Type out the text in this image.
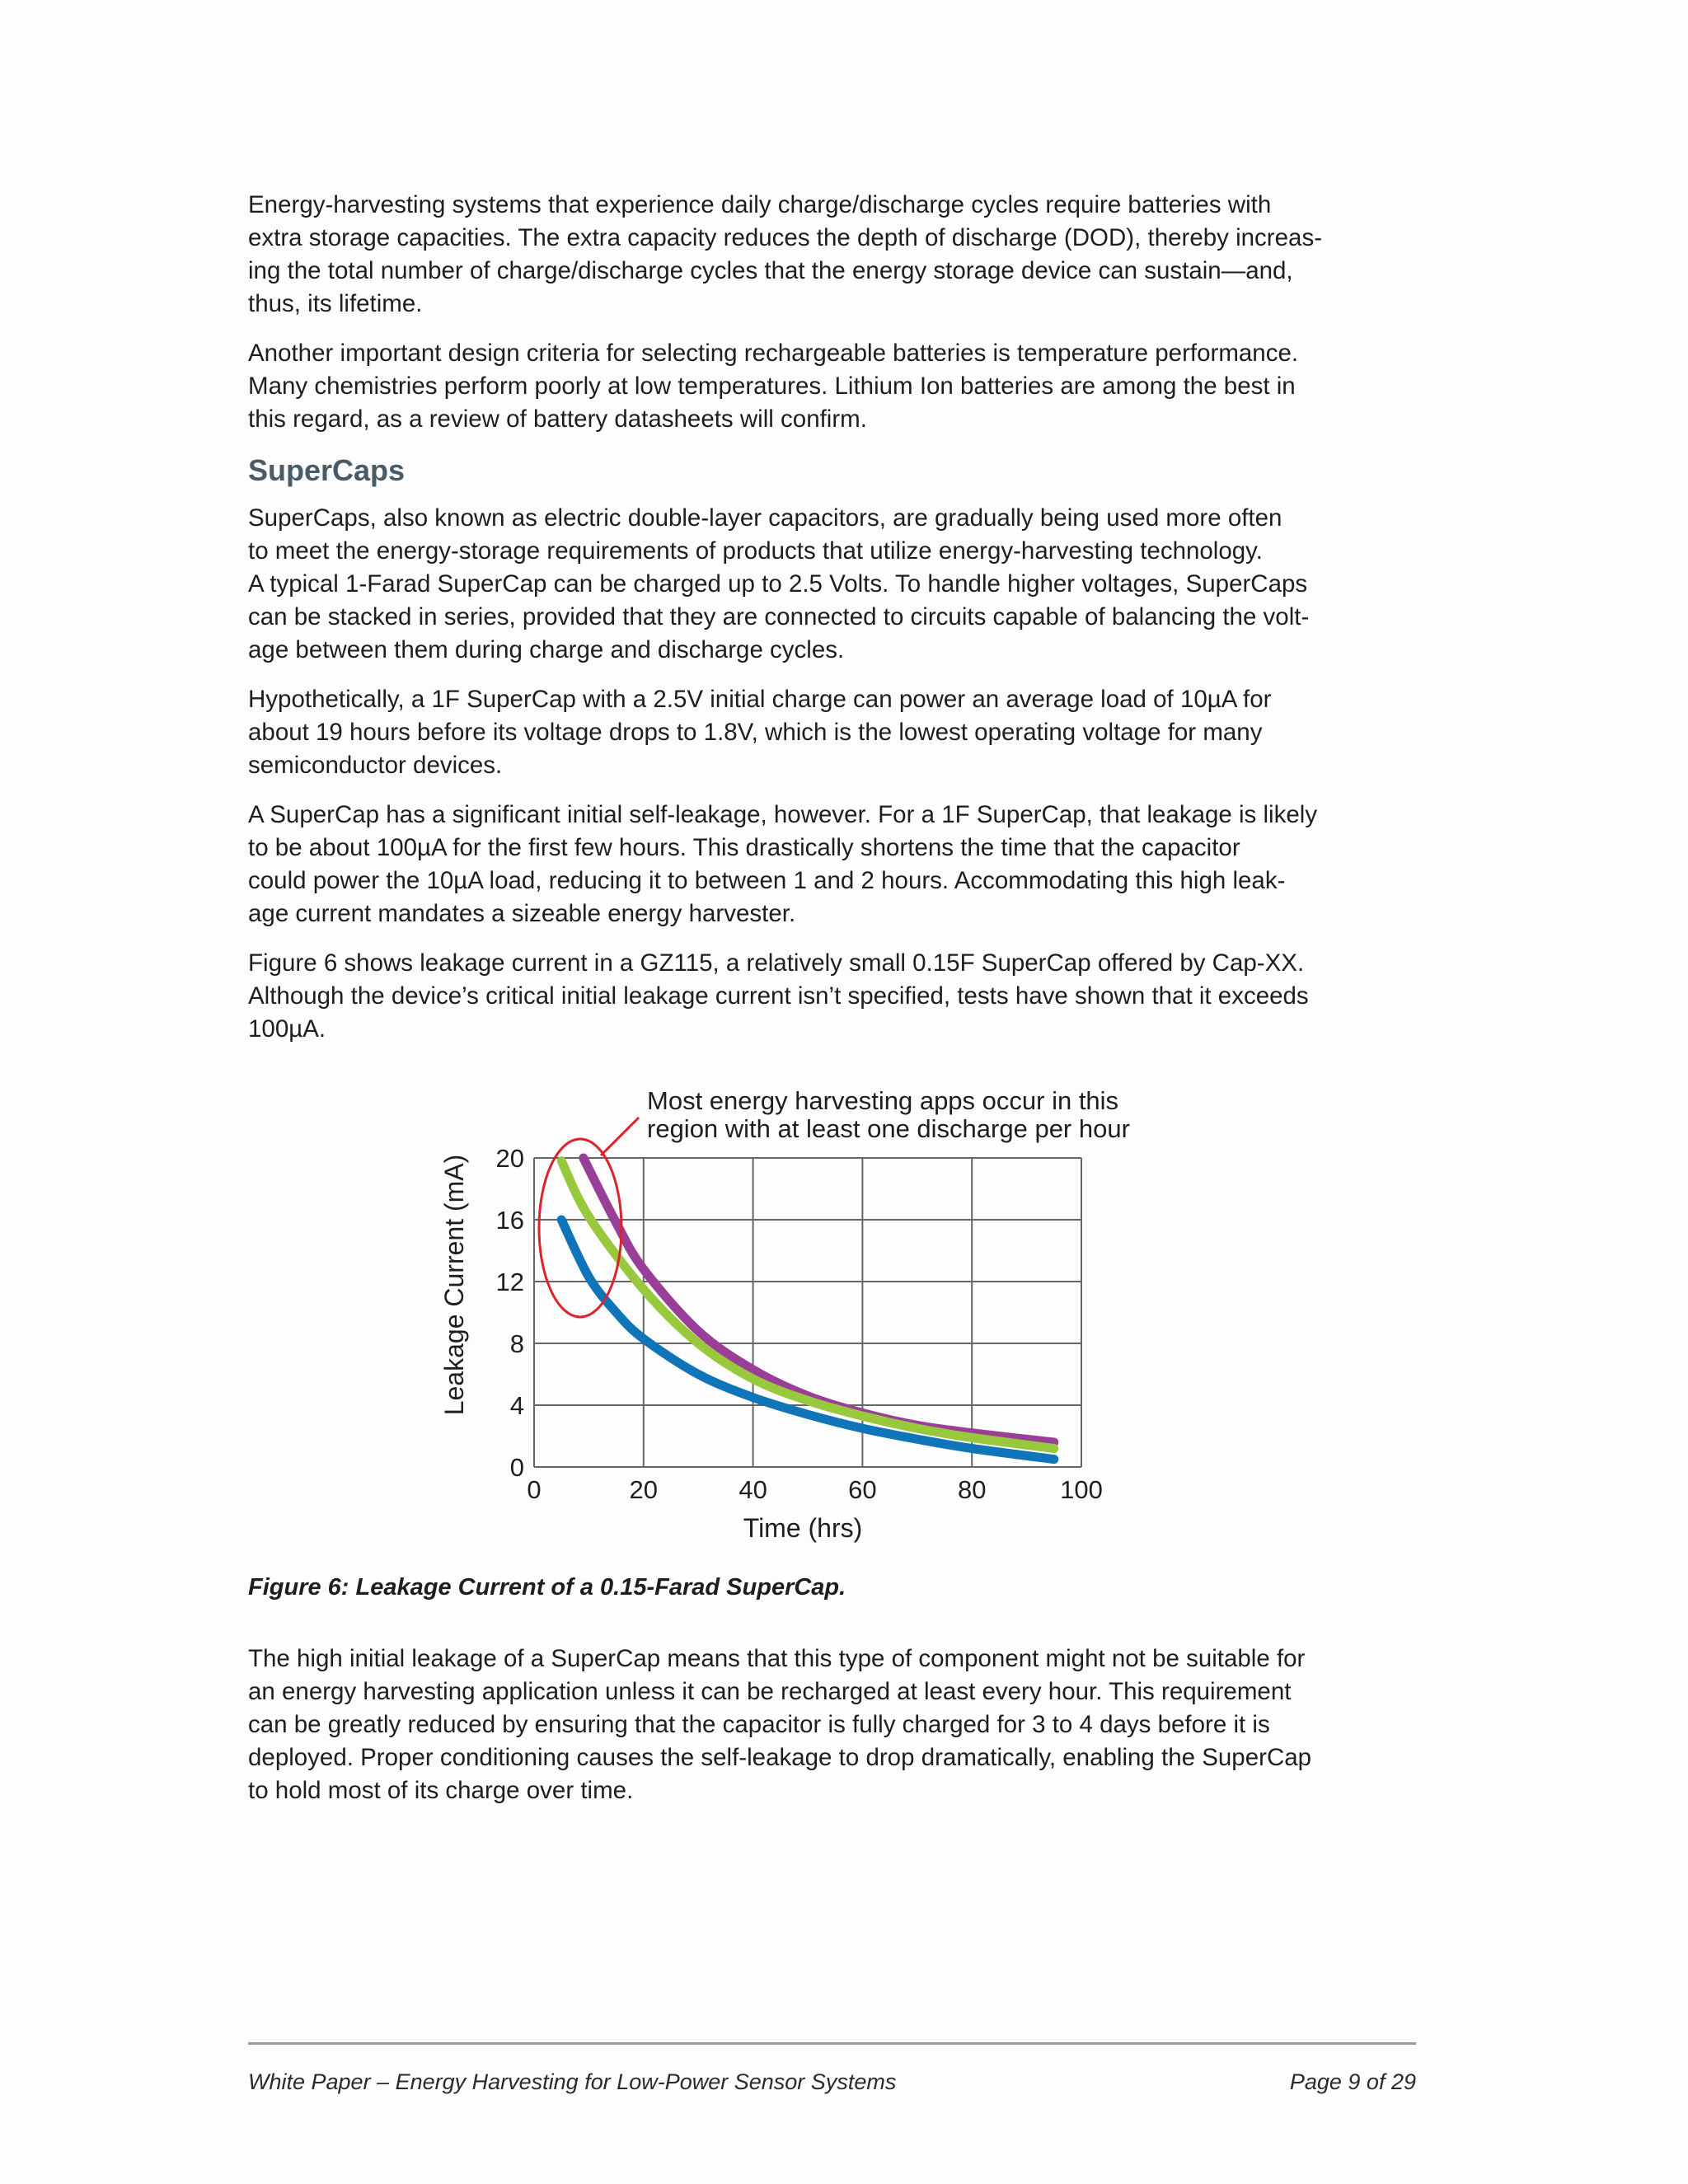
Energy-harvesting systems that experience daily charge/discharge cycles require batteries with
extra storage capacities. The extra capacity reduces the depth of discharge (DOD), thereby increas-
ing the total number of charge/discharge cycles that the energy storage device can sustain—and,
thus, its lifetime.

Another important design criteria for selecting rechargeable batteries is temperature performance.
Many chemistries perform poorly at low temperatures. Lithium Ion batteries are among the best in
this regard, as a review of battery datasheets will confirm.

SuperCaps

SuperCaps, also known as electric double-layer capacitors, are gradually being used more often
to meet the energy-storage requirements of products that utilize energy-harvesting technology.
A typical 1-Farad SuperCap can be charged up to 2.5 Volts. To handle higher voltages, SuperCaps
can be stacked in series, provided that they are connected to circuits capable of balancing the volt-
age between them during charge and discharge cycles.

Hypothetically, a 1F SuperCap with a 2.5V initial charge can power an average load of 10µA for
about 19 hours before its voltage drops to 1.8V, which is the lowest operating voltage for many
semiconductor devices.

A SuperCap has a significant initial self-leakage, however. For a 1F SuperCap, that leakage is likely
to be about 100µA for the first few hours. This drastically shortens the time that the capacitor
could power the 10µA load, reducing it to between 1 and 2 hours. Accommodating this high leak-
age current mandates a sizeable energy harvester.

Figure 6 shows leakage current in a GZ115, a relatively small 0.15F SuperCap offered by Cap-XX.
Although the device’s critical initial leakage current isn’t specified, tests have shown that it exceeds
100µA.

0	20	40	60	80	100
0
4
8
12
16
20
Most energy harvesting apps occur in this
region with at least one discharge per hour
Time (hrs)
Leakage Current (mA)
Figure 6: Leakage Current of a 0.15-Farad SuperCap.

The high initial leakage of a SuperCap means that this type of component might not be suitable for
an energy harvesting application unless it can be recharged at least every hour. This requirement
can be greatly reduced by ensuring that the capacitor is fully charged for 3 to 4 days before it is
deployed. Proper conditioning causes the self-leakage to drop dramatically, enabling the SuperCap
to hold most of its charge over time.

White Paper – Energy Harvesting for Low-Power Sensor Systems	Page 9 of 29
